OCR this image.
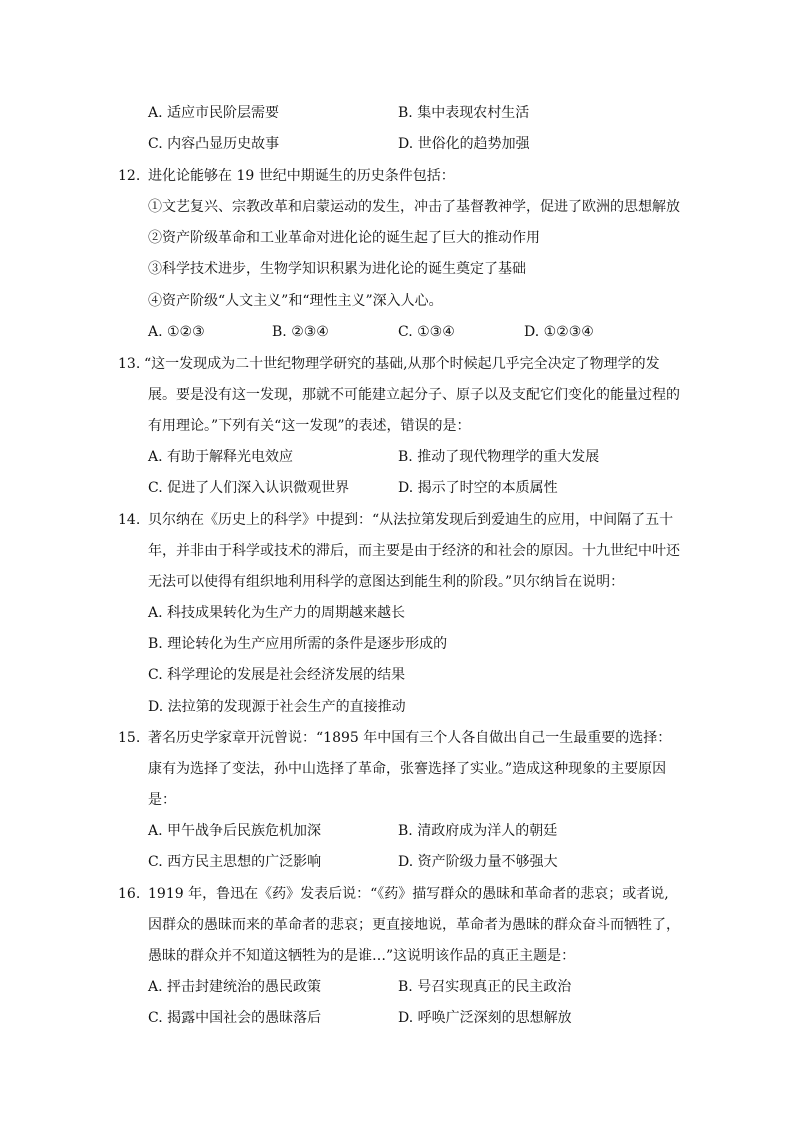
A. 适应市民阶层需要	B. 集中表现农村生活
C. 内容凸显历史故事	D. 世俗化的趋势加强
12. 进化论能够在 19 世纪中期诞生的历史条件包括：
①文艺复兴、宗教改革和启蒙运动的发生，冲击了基督教神学，促进了欧洲的思想解放
②资产阶级革命和工业革命对进化论的诞生起了巨大的推动作用
③科学技术进步，生物学知识积累为进化论的诞生奠定了基础
④资产阶级“人文主义”和“理性主义”深入人心。
A. ①②③	B. ②③④	C. ①③④	D. ①②③④
13. “这一发现成为二十世纪物理学研究的基础,从那个时候起几乎完全决定了物理学的发
展。要是没有这一发现，那就不可能建立起分子、原子以及支配它们变化的能量过程的
有用理论。”下列有关“这一发现”的表述，错误的是：
A. 有助于解释光电效应	B. 推动了现代物理学的重大发展
C. 促进了人们深入认识微观世界	D. 揭示了时空的本质属性
14. 贝尔纳在《历史上的科学》中提到：“从法拉第发现后到爱迪生的应用，中间隔了五十
年，并非由于科学或技术的滞后，而主要是由于经济的和社会的原因。十九世纪中叶还
无法可以使得有组织地利用科学的意图达到能生利的阶段。”贝尔纳旨在说明：
A. 科技成果转化为生产力的周期越来越长
B. 理论转化为生产应用所需的条件是逐步形成的
C. 科学理论的发展是社会经济发展的结果
D. 法拉第的发现源于社会生产的直接推动
15. 著名历史学家章开沅曾说：“1895 年中国有三个人各自做出自己一生最重要的选择：
康有为选择了变法，孙中山选择了革命，张謇选择了实业。”造成这种现象的主要原因
是：
A. 甲午战争后民族危机加深	B. 清政府成为洋人的朝廷
C. 西方民主思想的广泛影响	D. 资产阶级力量不够强大
16. 1919 年，鲁迅在《药》发表后说：“《药》描写群众的愚昧和革命者的悲哀；或者说,
因群众的愚昧而来的革命者的悲哀；更直接地说，革命者为愚昧的群众奋斗而牺牲了，
愚昧的群众并不知道这牺牲为的是谁…”这说明该作品的真正主题是：
A. 抨击封建统治的愚民政策	B. 号召实现真正的民主政治
C. 揭露中国社会的愚昧落后	D. 呼唤广泛深刻的思想解放
